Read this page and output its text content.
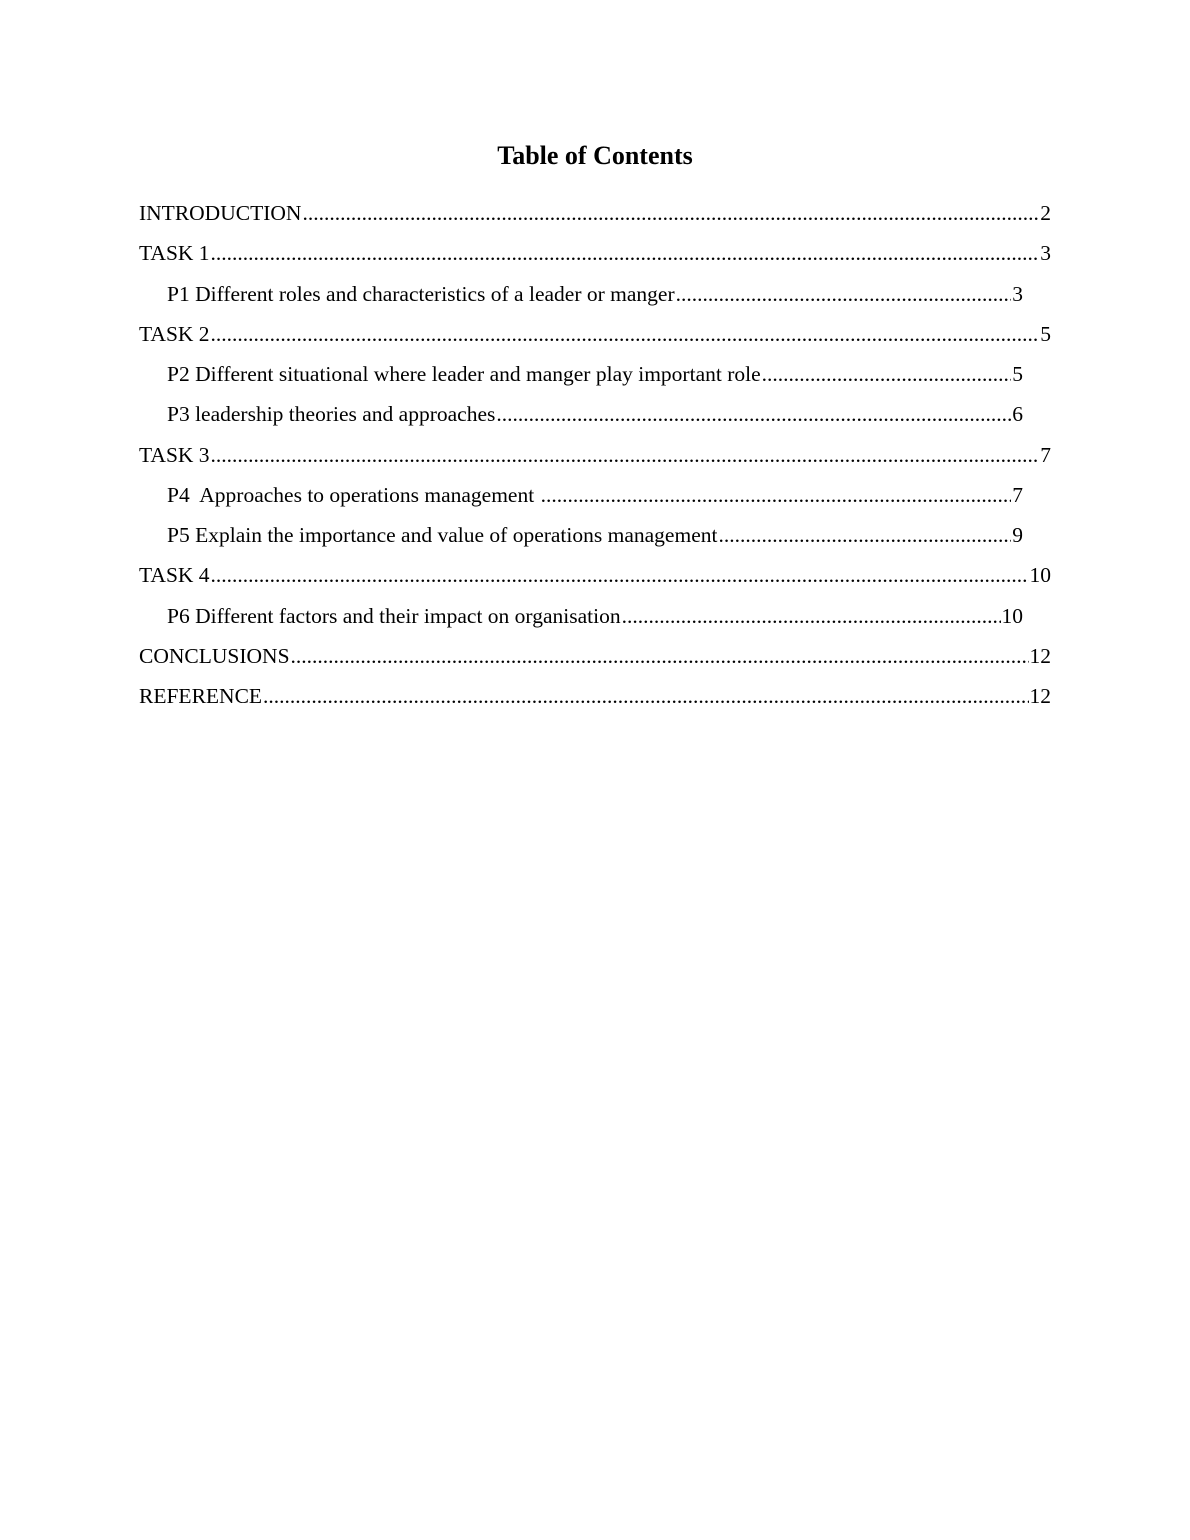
Table of Contents
INTRODUCTION .....	2
TASK 1 .....	3
P1 Different roles and characteristics of a leader or manger .....	3
TASK 2 .....	5
P2 Different situational where leader and manger play important role .....	5
P3 leadership theories and approaches .....	6
TASK 3 .....	7
P4  Approaches to operations management .....	7
P5 Explain the importance and value of operations management .....	9
TASK 4 .....	10
P6 Different factors and their impact on organisation .....	10
CONCLUSIONS .....	12
REFERENCE .....	12
